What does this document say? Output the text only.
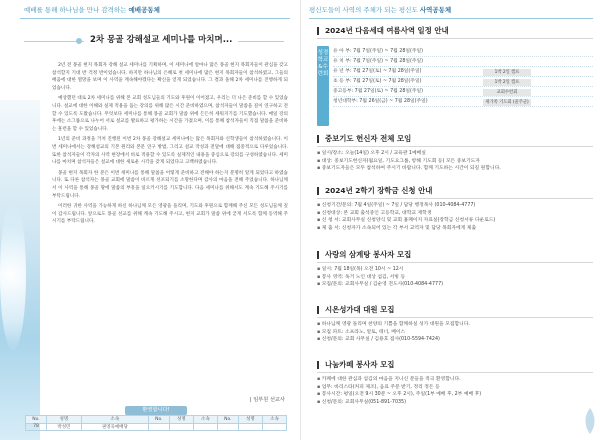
예배를 통해 하나님을 만나 감격하는 예배공동체
2차 몽골 강해설교 세미나를 마치며...

2년 전 몽골 현지 목회자 강해 설교 세미나를 기획하며, 이 세미나에 얼마나 많은 몽골 현지 목회자들이 관심을 갖고 참석할지 기대 반 걱정 반이었습니다. 하지만 하나님의 은혜로 첫 세미나에 많은 현지 목회자들이 참석하였고, 그들의 배움에 대한 열망을 보며 이 사역을 계속해야겠다는 확신을 얻게 되었습니다. 그 결과 올해 2차 세미나를 진행하게 되었습니다.

예상했던 대로 2차 세미나를 위해 본 교회 성도님들의 기도와 후원이 이어졌고, 우리는 더 나은 준비를 할 수 있었습니다. 설교에 대한 이해와 실제 적용을 돕는 강의를 위해 많은 시간 준비하였으며, 참석자들이 말씀을 깊이 연구하고 전할 수 있도록 도왔습니다. 무엇보다 세미나를 통해 몽골 교회가 말씀 위에 든든히 세워지기를 기도했습니다. 매일 강의 후에는 소그룹으로 나누어 서로 설교를 발표하고 평가하는 시간을 가졌으며, 이를 통해 참석자들이 직접 말씀을 준비하는 훈련을 할 수 있었습니다.

1년의 준비 과정을 거쳐 진행된 이번 2차 몽골 강해설교 세미나에는 많은 목회자와 신학생들이 참석하였습니다. 이번 세미나에서는 강해설교의 기본 원리와 본문 연구 방법, 그리고 설교 작성과 전달에 대해 집중적으로 다루었습니다. 또한 참석자들이 각자의 사역 현장에서 바로 적용할 수 있도록 실제적인 내용을 중심으로 강의를 구성하였습니다. 세미나를 마치며 참석자들은 설교에 대한 새로운 시각을 갖게 되었다고 고백하였습니다.

몽골 현지 목회자 한 분은 이번 세미나를 통해 말씀을 어떻게 준비하고 전해야 하는지 분명히 알게 되었다고 하였습니다. 또 다른 참석자는 몽골 교회에 말씀이 바르게 선포되기를 소망한다며 감사의 마음을 전해 주었습니다. 하나님께서 이 사역을 통해 몽골 땅에 말씀의 부흥을 일으키시기를 기도합니다. 다음 세미나를 위해서도 계속 기도해 주시기를 부탁드립니다.

이러한 귀한 사역을 가능하게 하신 하나님께 모든 영광을 돌리며, 기도와 후원으로 함께해 주신 모든 성도님들께 깊이 감사드립니다. 앞으로도 몽골 선교를 위해 계속 기도해 주시고, 현지 교회가 말씀 위에 굳게 서도록 함께 동역해 주시기를 부탁드립니다.

| 임부원 선교사
환영합니다!
No.	성명	소속	No.	성명	소속	No.	성명	소속
78	박성민	권영욱예배당						
평신도들이 사역의 주체가 되는 평신도 사역공동체
2024년 다음세대 여름사역 일정 안내
성경학교&수련회
유 아 부: 7월 7일(주일) ~ 7월 28일(주일)
유 치 부: 7월 7일(주일) ~ 7월 28일(주일)
유 년 부: 7월 27일(토) ~ 7월 28일(주일)	1박 2일 캠프
초 등 부: 7월 27일(토) ~ 7월 28일(주일)	1박 2일 캠프
중고등부: 7월 27일(토) ~ 7월 28일(주일)	교회수련회
청년대학부: 7월 26일(금) ~ 7월 28일(주일)	새가족 기도회 (울주군)
중보기도 헌신자 전체 모임
▪ 일시/장소: 오늘(14일) 오후 2시 / 교육관 1예배실
▪ 대상: 중보기도헌신자(월요일, 기도요그룹, 항해 기도회 등) 모든 중보기도자
▪ 중보기도자들은 모두 참석하여 주시기 바랍니다. 함께 기도하는 시간이 되길 원합니다.
2024년 2학기 장학금 신청 안내
▪ 신청기간/문의: 7월 4일(주일) ~ 7일 / 담당 행정목사 (010-4084-4777)
▪ 신청대상: 본 교회 출석중인 고등학교, 대학교 재학생
▪ 신 청 서: 교회사무실 신청양식 및 교회 홈페이지 자료실(장학금 신청서류 다운로드)
▪ 제 출 서: 신청자가 소속되어 있는 각 부서 교역자 및 담당 목회자에게 제출
사랑의 삼계탕 봉사자 모집
▪ 일시: 7월 18일(목) 오전 10시 ~ 12시
▪ 봉사 영역: 독거 노인 대상 섬김, 서빙 등
▪ 모집/문의: 교회사무실 / 김순영 전도사(010-4084-4777)
시온성가대 대원 모집
▪ 하나님께 영광 돌리며 찬양의 기쁨을 함께하실 성가 대원을 모집합니다.
▪ 모집 파트: 소프라노, 알토, 테너, 베이스
▪ 신청/문의: 교회 사무실 / 김용호 집사(010-5594-7424)
나눔카페 봉사자 모집
▪ 카페에 대한 관심과 섬김의 마음을 지니신 분들을 적극 환영합니다.
▪ 업무: 바리스타(커피 제조), 음료 주문 받기, 정리 정돈 등
▪ 봉사시간: 평일(오전 9시 30분 ~ 오후 2시), 주일(1부 예배 후, 2부 예배 후)
▪ 신청/문의: 교회사무실(051-891-7035)
